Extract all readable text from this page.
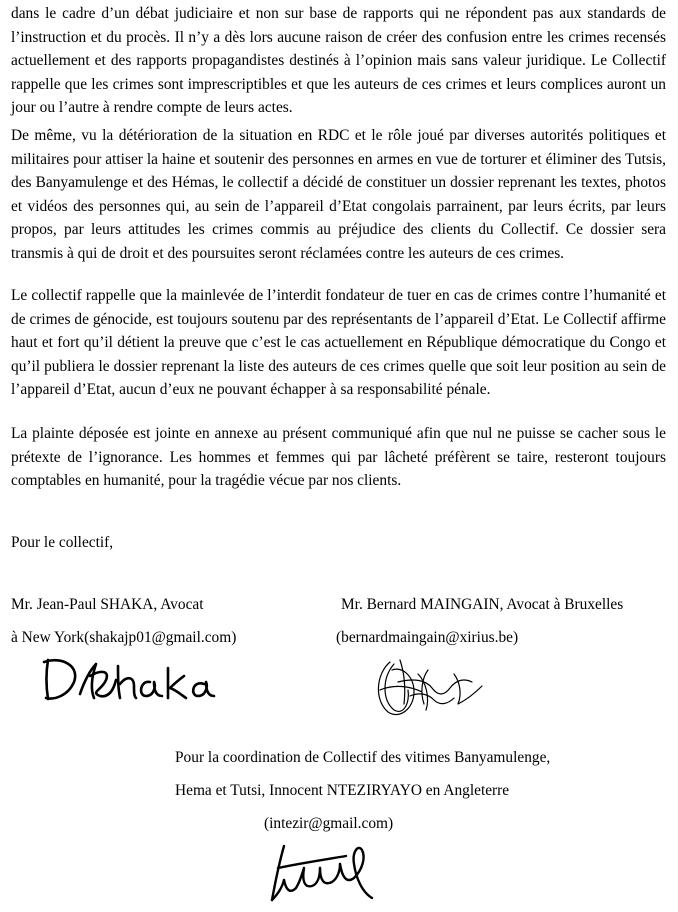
dans le cadre d’un débat judiciaire et non sur base de rapports qui ne répondent pas aux standards de l’instruction et du procès. Il n’y a dès lors aucune raison de créer des confusion entre les crimes recensés actuellement et des rapports propagandistes destinés à l’opinion mais sans valeur juridique. Le Collectif rappelle que les crimes sont imprescriptibles et que les auteurs de ces crimes et leurs complices auront un jour ou l’autre à rendre compte de leurs actes.

De même, vu la détérioration de la situation en RDC et le rôle joué par diverses autorités politiques et militaires pour attiser la haine et soutenir des personnes en armes en vue de torturer et éliminer des Tutsis, des Banyamulenge et des Hémas, le collectif a décidé de constituer un dossier reprenant les textes, photos et vidéos des personnes qui, au sein de l’appareil d’Etat congolais parrainent, par leurs écrits, par leurs propos, par leurs attitudes les crimes commis au préjudice des clients du Collectif. Ce dossier sera transmis à qui de droit et des poursuites seront réclamées contre les auteurs de ces crimes.

Le collectif rappelle que la mainlevée de l’interdit fondateur de tuer en cas de crimes contre l’humanité et de crimes de génocide, est toujours soutenu par des représentants de l’appareil d’Etat. Le Collectif affirme haut et fort qu’il détient la preuve que c’est le cas actuellement en République démocratique du Congo et qu’il publiera le dossier reprenant la liste des auteurs de ces crimes quelle que soit leur position au sein de l’appareil d’Etat, aucun d’eux ne pouvant échapper à sa responsabilité pénale.

La plainte déposée est jointe en annexe au présent communiqué afin que nul ne puisse se cacher sous le prétexte de l’ignorance. Les hommes et femmes qui par lâcheté préfèrent se taire, resteront toujours comptables en humanité, pour la tragédie vécue par nos clients.

Pour le collectif,

Mr. Jean-Paul SHAKA, Avocat

à New York(shakajp01@gmail.com)

Mr. Bernard MAINGAIN, Avocat à Bruxelles

(bernardmaingain@xirius.be)

Pour la coordination de Collectif des vitimes Banyamulenge,

Hema et Tutsi, Innocent NTEZIRYAYO en Angleterre

(intezir@gmail.com)
